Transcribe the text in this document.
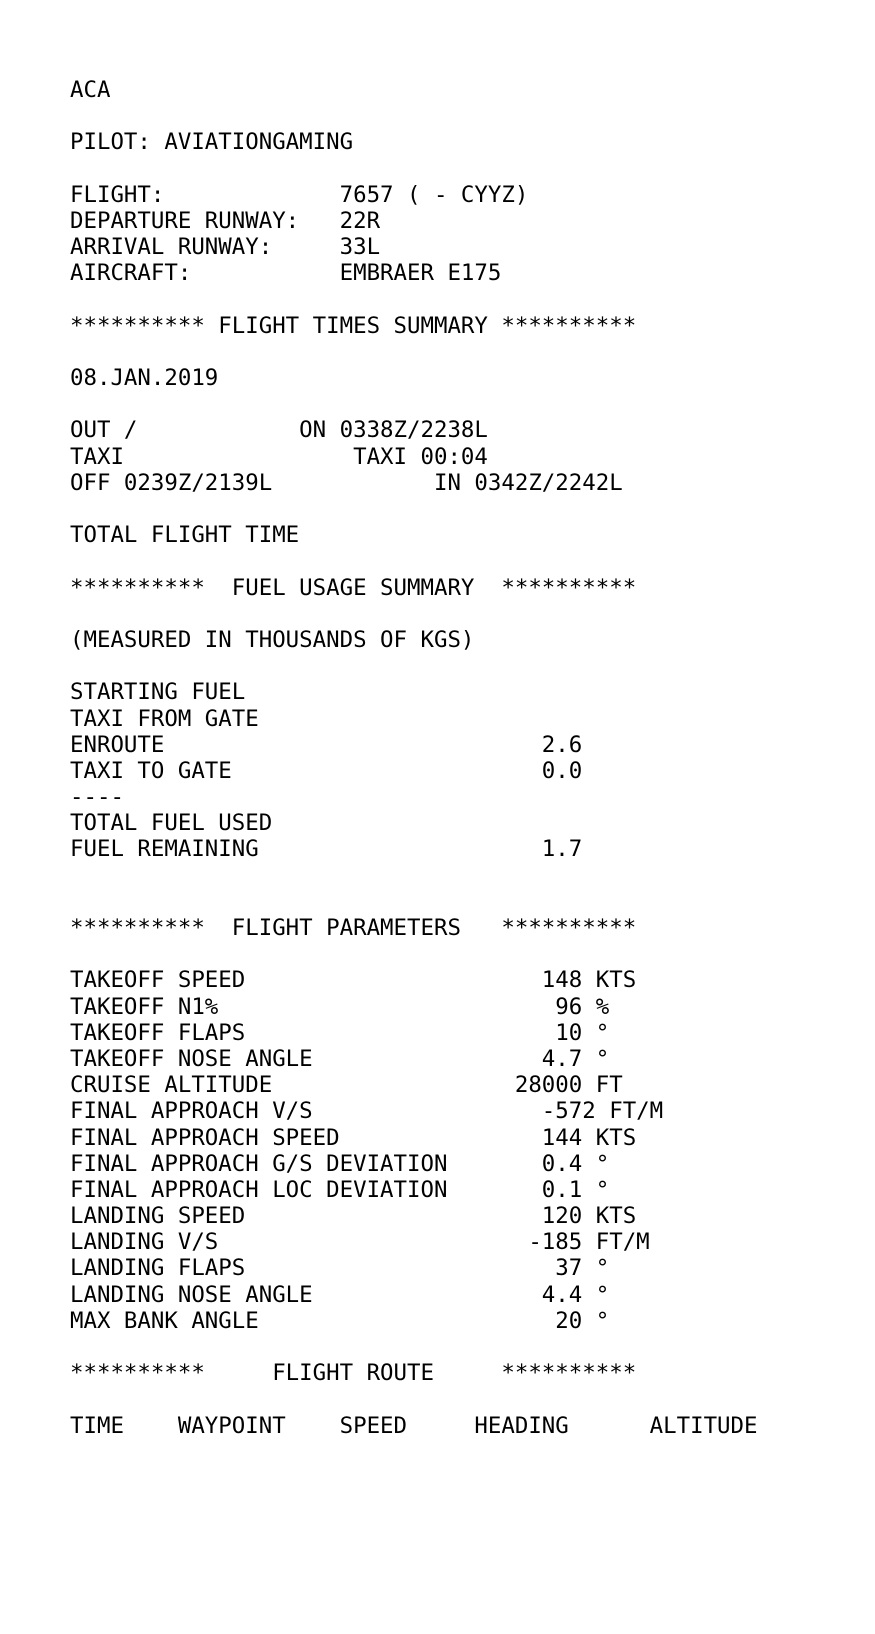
ACA
PILOT: AVIATIONGAMING
FLIGHT:             7657 ( - CYYZ)
DEPARTURE RUNWAY:   22R
ARRIVAL RUNWAY:     33L
AIRCRAFT:           EMBRAER E175
********** FLIGHT TIMES SUMMARY **********
08.JAN.2019
OUT /            ON 0338Z/2238L
TAXI                 TAXI 00:04
OFF 0239Z/2139L            IN 0342Z/2242L
TOTAL FLIGHT TIME
**********  FUEL USAGE SUMMARY  **********
(MEASURED IN THOUSANDS OF KGS)
STARTING FUEL
TAXI FROM GATE
ENROUTE                            2.6
TAXI TO GATE                       0.0
----
TOTAL FUEL USED
FUEL REMAINING                     1.7
**********  FLIGHT PARAMETERS   **********
TAKEOFF SPEED                      148 KTS
TAKEOFF N1%                         96 %
TAKEOFF FLAPS                       10 °
TAKEOFF NOSE ANGLE                 4.7 °
CRUISE ALTITUDE                  28000 FT
FINAL APPROACH V/S                 -572 FT/M
FINAL APPROACH SPEED               144 KTS
FINAL APPROACH G/S DEVIATION       0.4 °
FINAL APPROACH LOC DEVIATION       0.1 °
LANDING SPEED                      120 KTS
LANDING V/S                       -185 FT/M
LANDING FLAPS                       37 °
LANDING NOSE ANGLE                 4.4 °
MAX BANK ANGLE                      20 °
**********     FLIGHT ROUTE     **********
TIME    WAYPOINT    SPEED     HEADING      ALTITUDE
